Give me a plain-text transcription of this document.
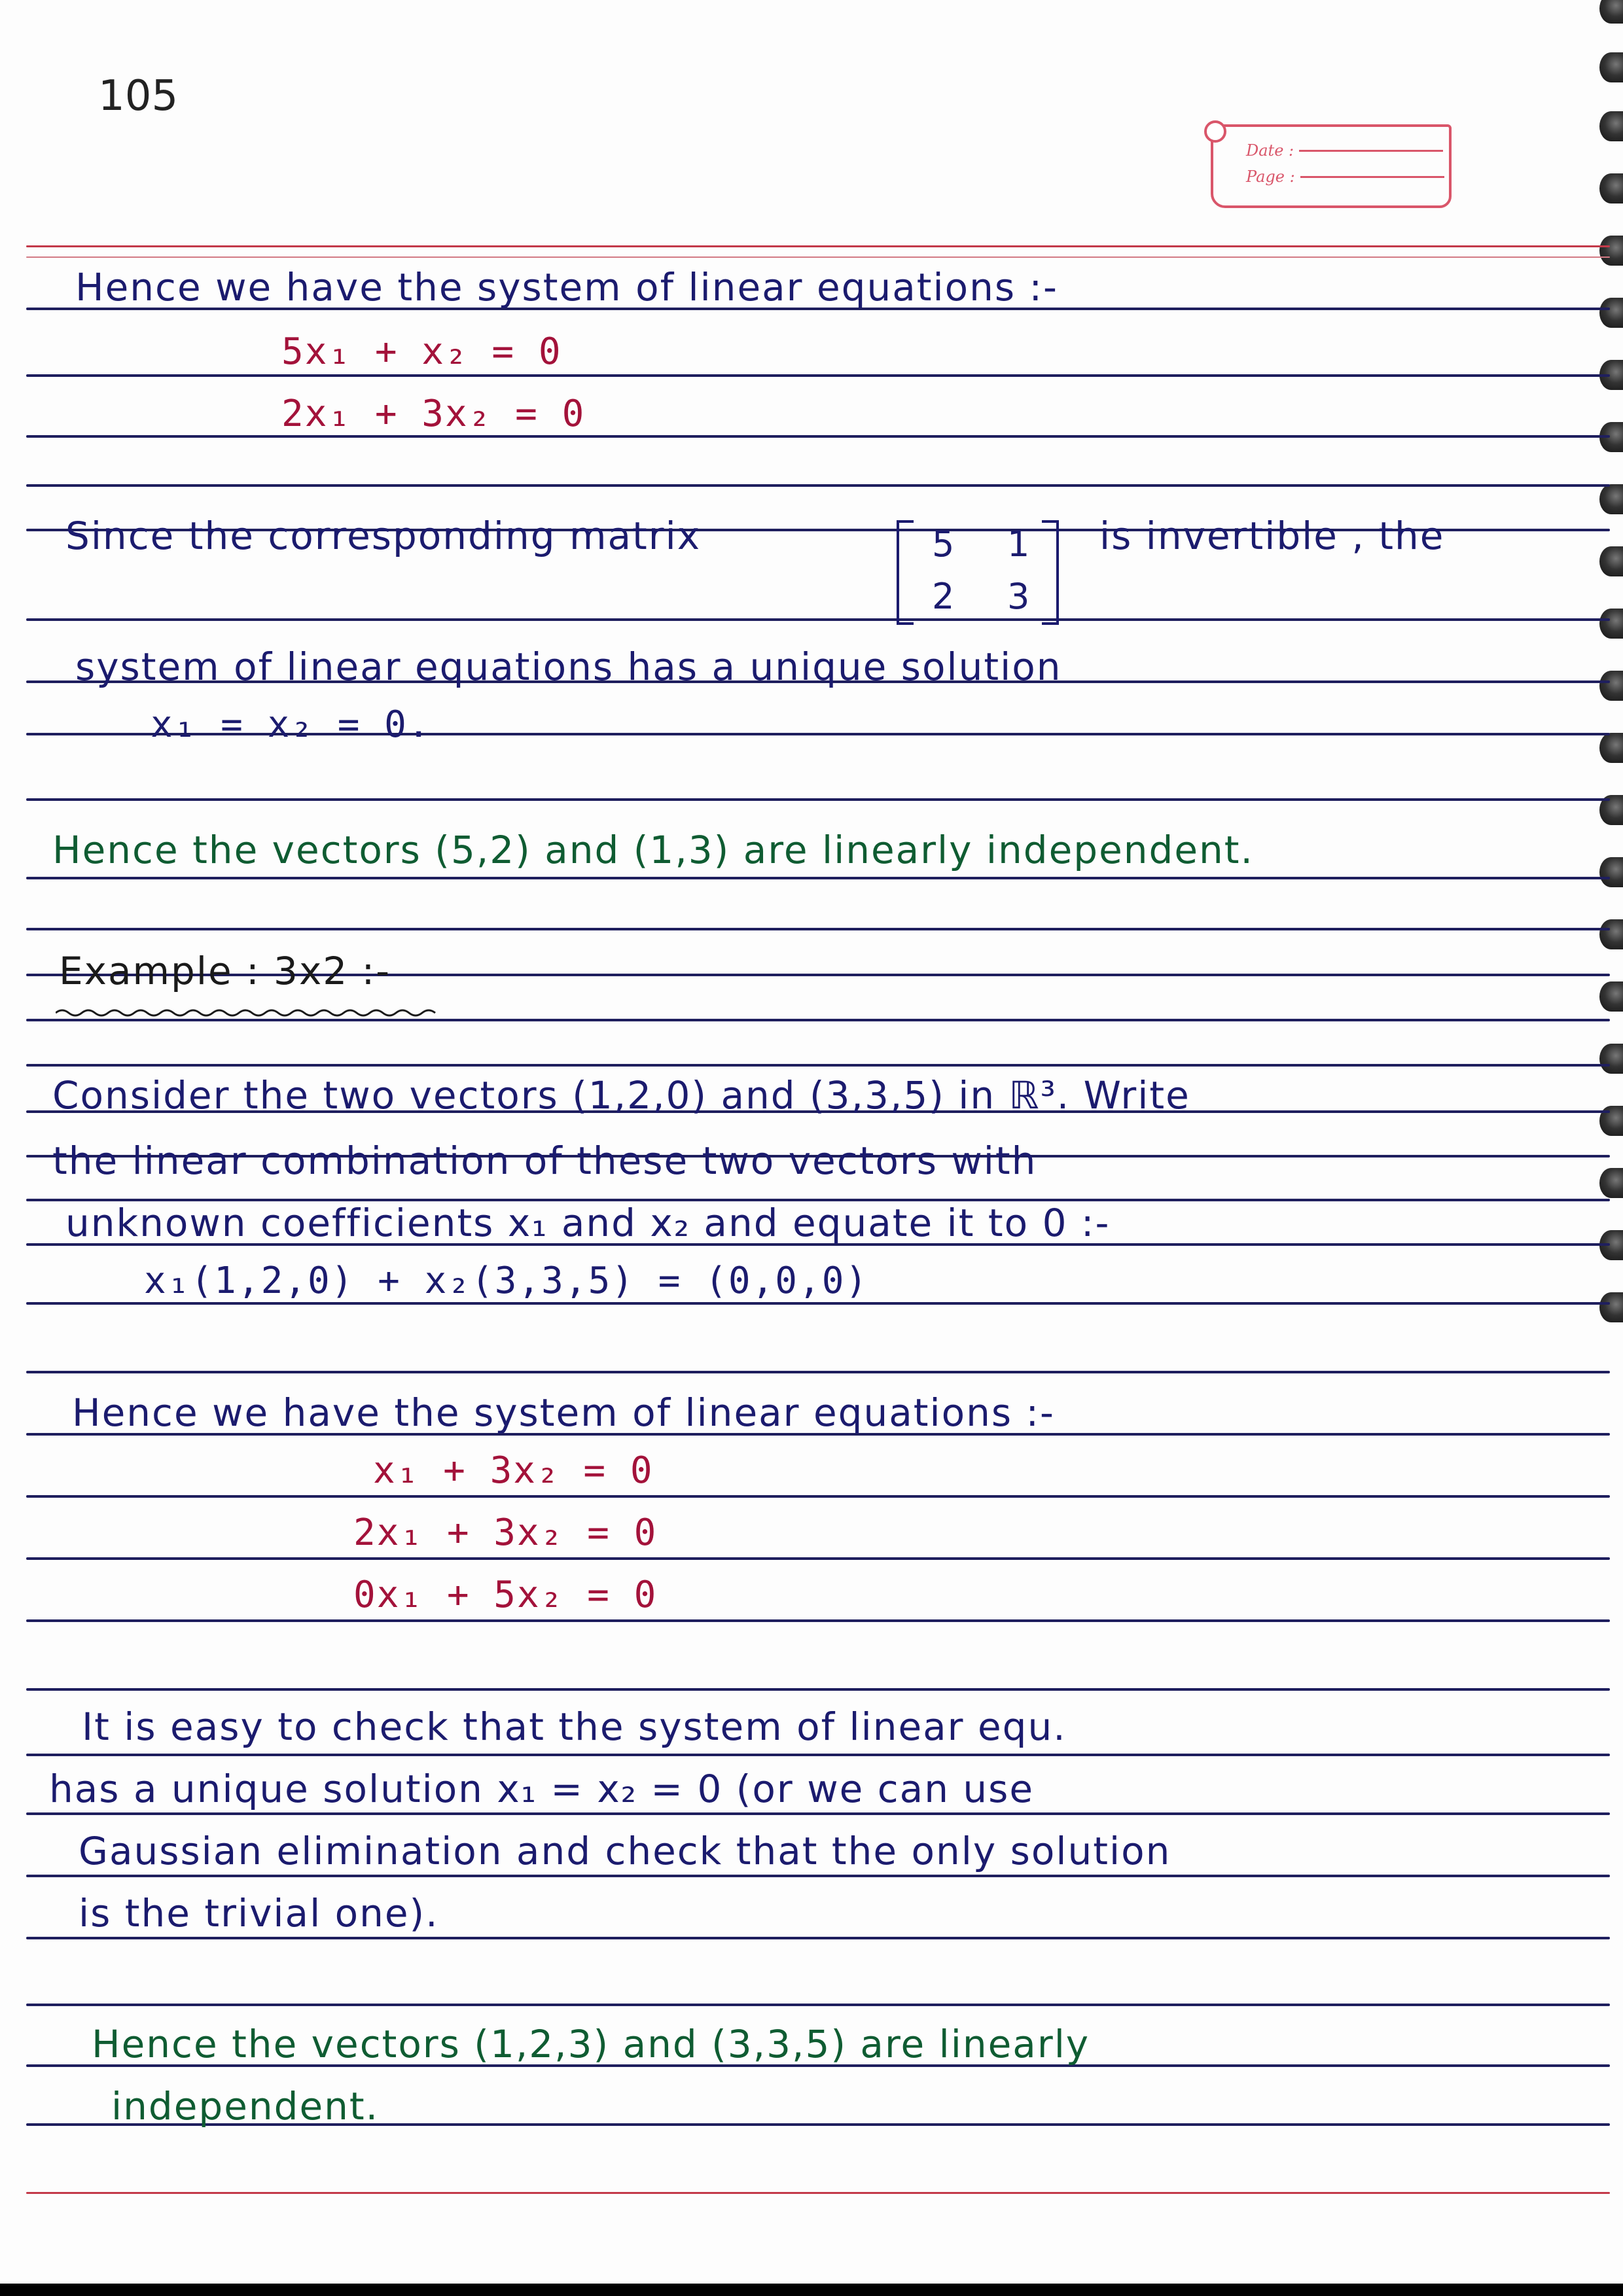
105
Date :
Page :
Hence we have the system of linear equations :-
5x₁ + x₂ = 0
2x₁ + 3x₂ = 0
Since the corresponding matrix	5 1
2 3
is invertible , the
system of linear equations has a unique solution
x₁ = x₂ = 0.
Hence the vectors (5,2) and (1,3) are linearly independent.
Example : 3x2 :-
Consider the two vectors (1,2,0) and (3,3,5) in ℝ³. Write
the linear combination of these two vectors with
unknown coefficients x₁ and x₂ and equate it to 0 :-
x₁(1,2,0) + x₂(3,3,5) = (0,0,0)
Hence we have the system of linear equations :-
x₁ + 3x₂ = 0
2x₁ + 3x₂ = 0
0x₁ + 5x₂ = 0
It is easy to check that the system of linear equ.
has a unique solution x₁ = x₂ = 0 (or we can use
Gaussian elimination and check that the only solution
is the trivial one).
Hence the vectors (1,2,3) and (3,3,5) are linearly
independent.
